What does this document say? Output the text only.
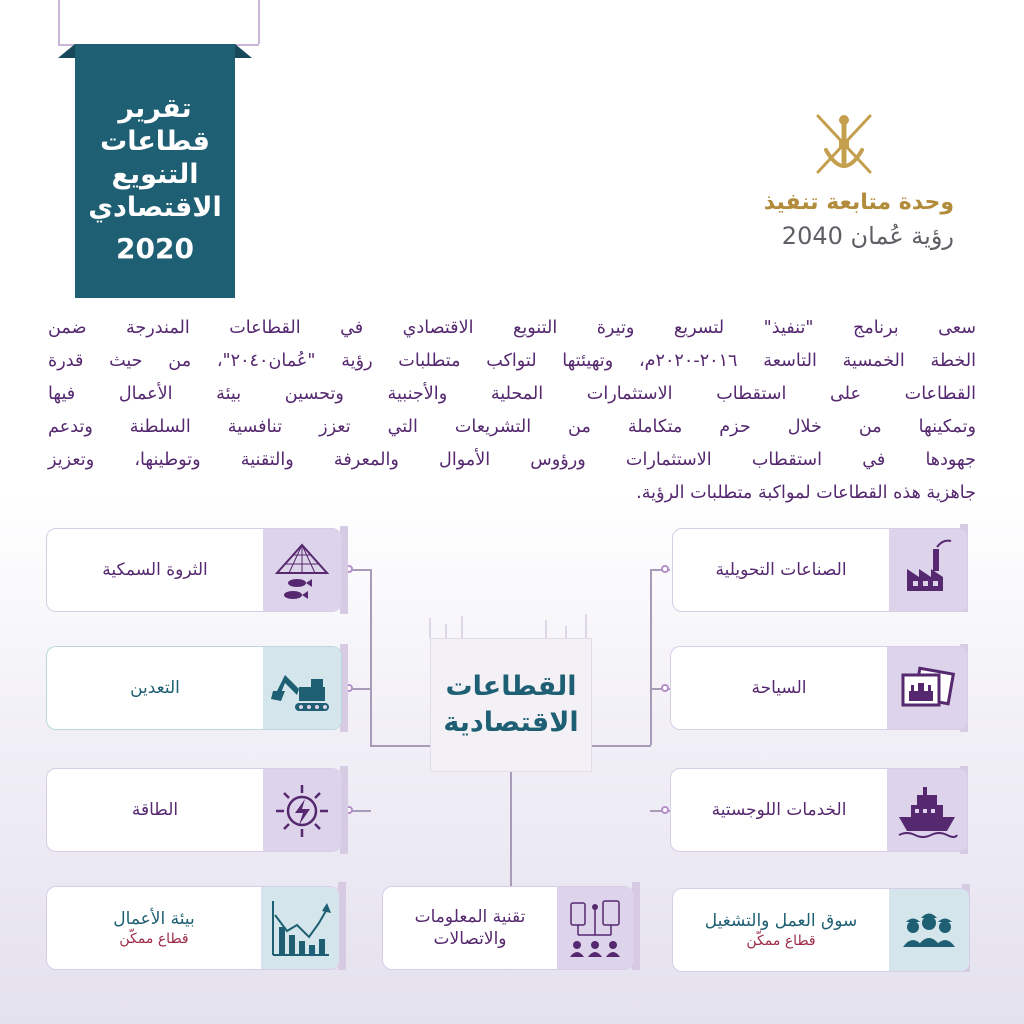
تقرير
قطاعات
التنويع
الاقتصادي
2020
وحدة متابعة تنفيذ
رؤية عُمان 2040
سعى برنامج "تنفيذ" لتسريع وتيرة التنويع الاقتصادي في القطاعات المندرجة ضمن
الخطة الخمسية التاسعة ٢٠١٦-٢٠٢٠م، وتهيئتها لتواكب متطلبات رؤية "عُمان٢٠٤٠"، من حيث قدرة
القطاعات على استقطاب الاستثمارات المحلية والأجنبية وتحسين بيئة الأعمال فيها
وتمكينها من خلال حزم متكاملة من التشريعات التي تعزز تنافسية السلطنة وتدعم
جهودها في استقطاب الاستثمارات ورؤوس الأموال والمعرفة والتقنية وتوطينها، وتعزيز
جاهزية هذه القطاعات لمواكبة متطلبات الرؤية.
القطاعات
الاقتصادية
الصناعات التحويلية
السياحة
الخدمات اللوجستية
سوق العمل والتشغيل
قطاع ممكّن
الثروة السمكية
التعدين
الطاقة
بيئة الأعمال
قطاع ممكّن
تقنية المعلومات
والاتصالات
